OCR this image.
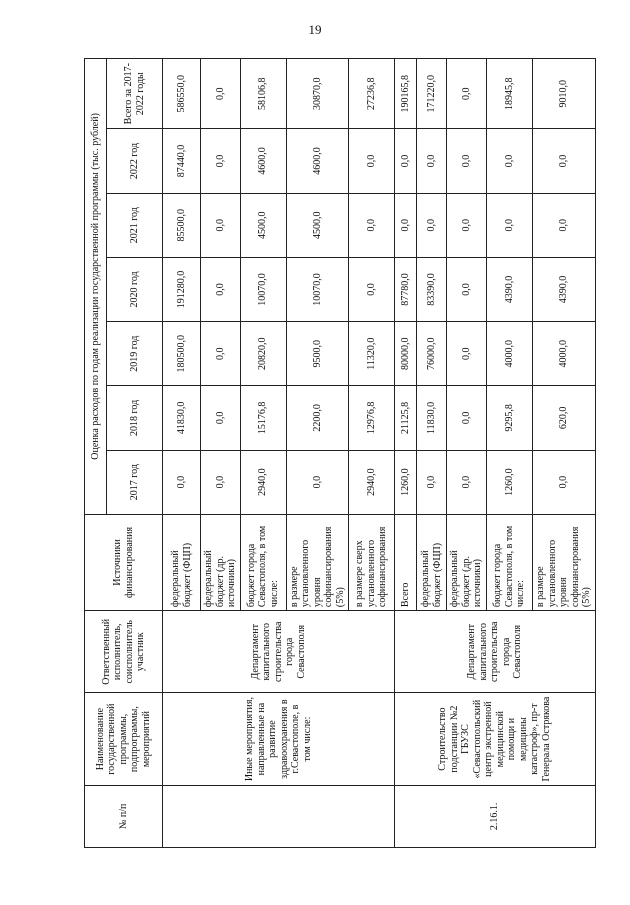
19
№ п/п	Наименование государственной программы, подпрограммы, мероприятий	Ответственный исполнитель, соисполнитель участник	Источники финансирования	Оценка расходов по годам реализации государственной программы (тыс. рублей)						
				2017 год	2018 год	2019 год	2020 год	2021 год	2022 год	Всего за 2017-2022 годы
	Иные мероприятия, направленные на развитие здравоохранения в г.Севастополе, в том числе:	Департамент капитального строительства города Севастополя	федеральный бюджет (ФЦП)	0,0	41830,0	180500,0	191280,0	85500,0	87440,0	586550,0
			федеральный бюджет (др. источники)	0,0	0,0	0,0	0,0	0,0	0,0	0,0
			бюджет города Севастополя, в том числе:	2940,0	15176,8	20820,0	10070,0	4500,0	4600,0	58106,8
			в размере установленного уровня софинансирования (5%)	0,0	2200,0	9500,0	10070,0	4500,0	4600,0	30870,0
			в размере сверх установленного софинансирования	2940,0	12976,8	11320,0	0,0	0,0	0,0	27236,8
2.16.1.	Строительство подстанции №2 ГБУЗС «Севастопольский центр экстренной медицинской помощи и медицины катастроф», пр-т Генерала Острякова	Департамент капитального строительства города Севастополя	Всего	1260,0	21125,8	80000,0	87780,0	0,0	0,0	190165,8
			федеральный бюджет (ФЦП)	0,0	11830,0	76000,0	83390,0	0,0	0,0	171220,0
			федеральный бюджет (др. источники)	0,0	0,0	0,0	0,0	0,0	0,0	0,0
			бюджет города Севастополя, в том числе:	1260,0	9295,8	4000,0	4390,0	0,0	0,0	18945,8
			в размере установленного уровня софинансирования (5%)	0,0	620,0	4000,0	4390,0	0,0	0,0	9010,0
